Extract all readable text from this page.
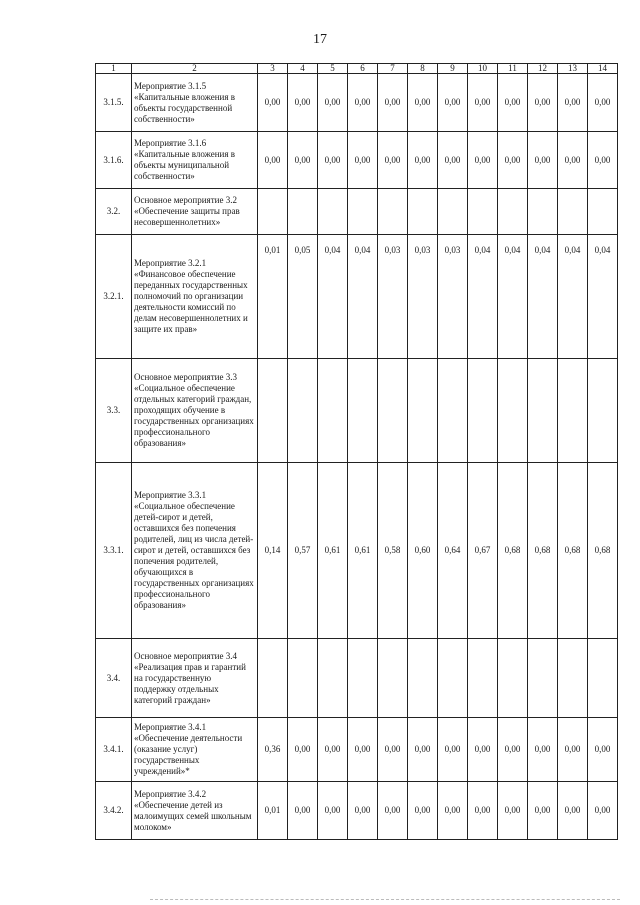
17
1	2	3	4	5	6	7	8	9	10	11	12	13	14
3.1.5.	Мероприятие 3.1.5 «Капитальные вложения в объекты государственной собственности»	0,00	0,00	0,00	0,00	0,00	0,00	0,00	0,00	0,00	0,00	0,00	0,00
3.1.6.	Мероприятие 3.1.6 «Капитальные вложения в объекты муниципальной собственности»	0,00	0,00	0,00	0,00	0,00	0,00	0,00	0,00	0,00	0,00	0,00	0,00
3.2.	Основное мероприятие 3.2 «Обеспечение защиты прав несовершеннолетних»												
3.2.1.	Мероприятие 3.2.1 «Финансовое обеспечение переданных государственных полномочий по организации деятельности комиссий по делам несовершеннолетних и защите их прав»	0,01	0,05	0,04	0,04	0,03	0,03	0,03	0,04	0,04	0,04	0,04	0,04
3.3.	Основное мероприятие 3.3 «Социальное обеспечение отдельных категорий граждан, проходящих обучение в государственных организациях профессионального образования»												
3.3.1.	Мероприятие 3.3.1 «Социальное обеспечение детей-сирот и детей, оставшихся без попечения родителей, лиц из числа детей-сирот и детей, оставшихся без попечения родителей, обучающихся в государственных организациях профессионального образования»	0,14	0,57	0,61	0,61	0,58	0,60	0,64	0,67	0,68	0,68	0,68	0,68
3.4.	Основное мероприятие 3.4 «Реализация прав и гарантий на государственную поддержку отдельных категорий граждан»												
3.4.1.	Мероприятие 3.4.1 «Обеспечение деятельности (оказание услуг) государственных учреждений»*	0,36	0,00	0,00	0,00	0,00	0,00	0,00	0,00	0,00	0,00	0,00	0,00
3.4.2.	Мероприятие 3.4.2 «Обеспечение детей из малоимущих семей школьным молоком»	0,01	0,00	0,00	0,00	0,00	0,00	0,00	0,00	0,00	0,00	0,00	0,00
